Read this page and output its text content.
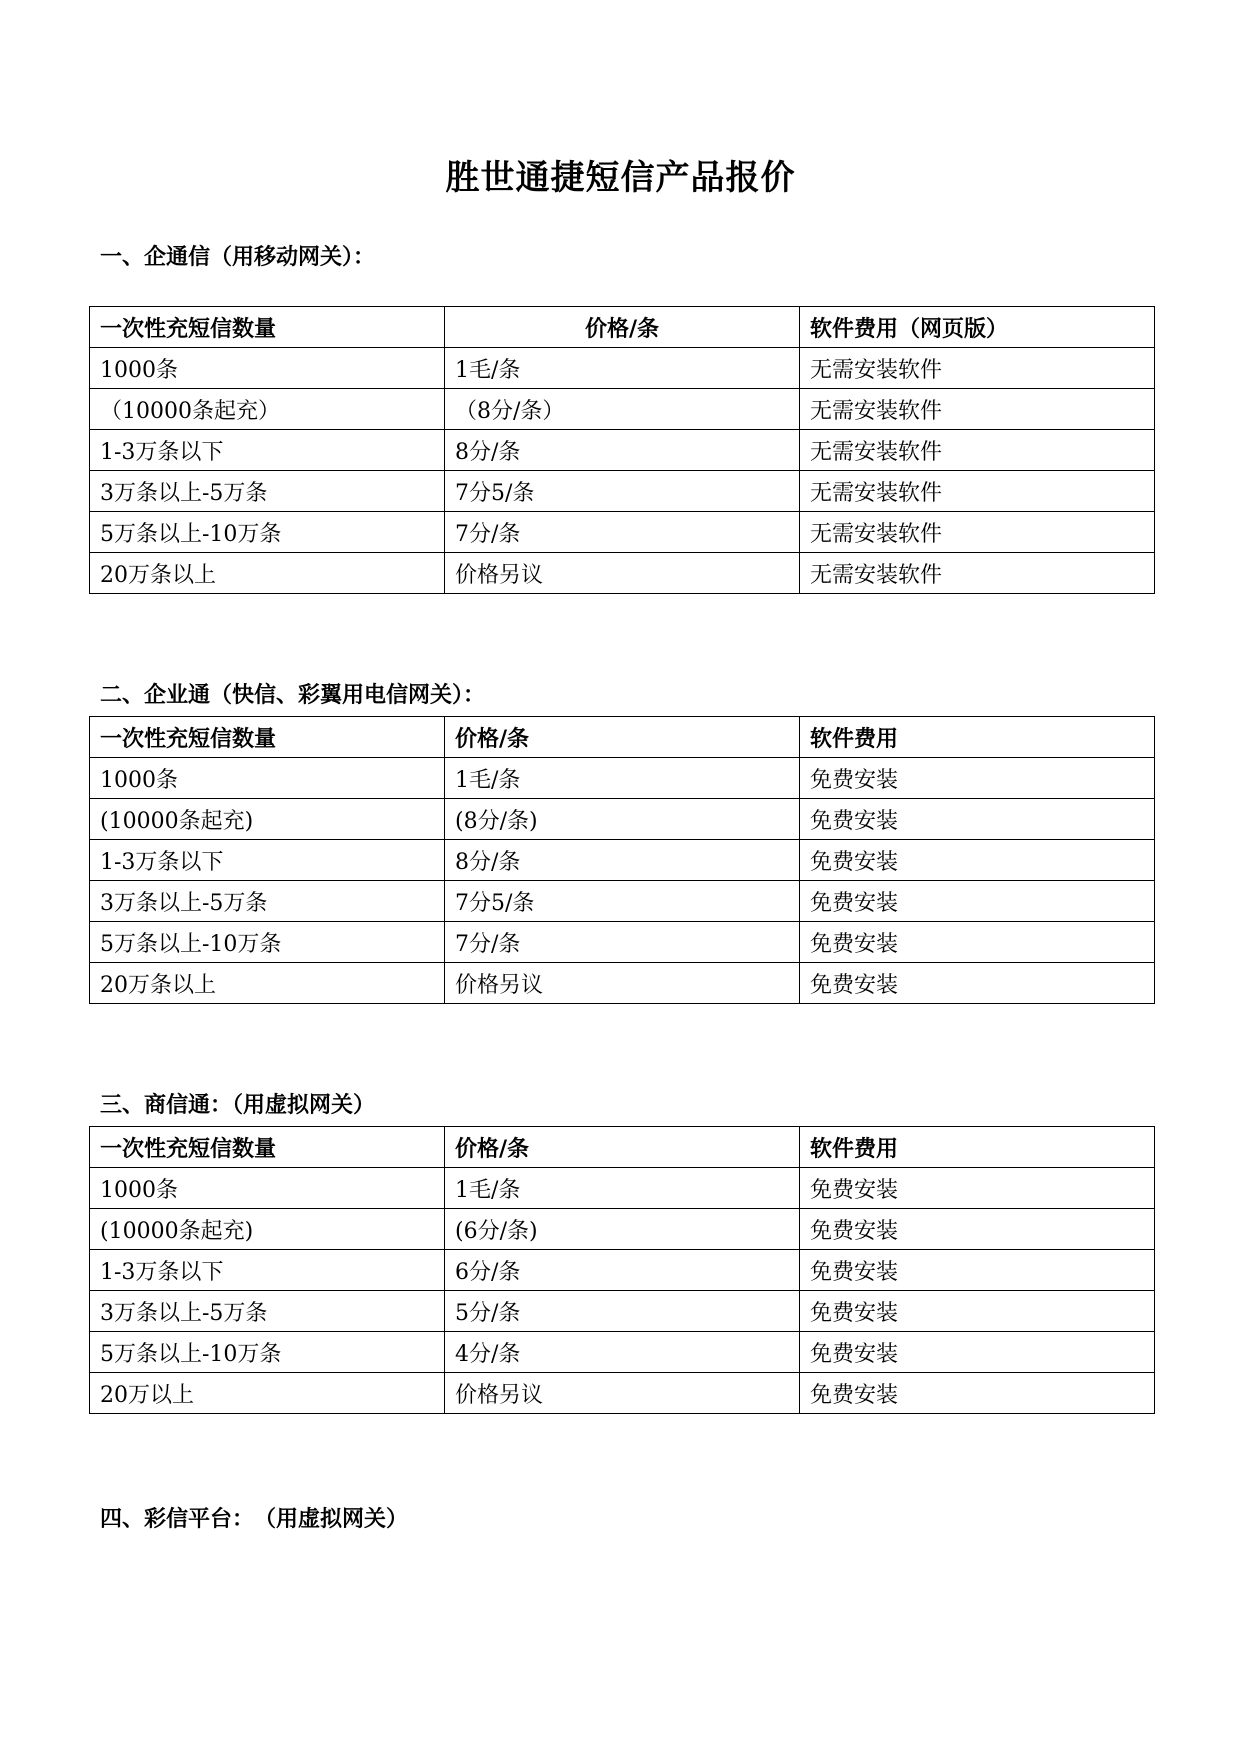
胜世通捷短信产品报价
一、企通信（用移动网关）：
一次性充短信数量	价格/条	软件费用（网页版）
1000条	1毛/条	无需安装软件
（10000条起充）	（8分/条）	无需安装软件
1-3万条以下	8分/条	无需安装软件
3万条以上-5万条	7分5/条	无需安装软件
5万条以上-10万条	7分/条	无需安装软件
20万条以上	价格另议	无需安装软件
二、企业通（快信、彩翼用电信网关）：
一次性充短信数量	价格/条	软件费用
1000条	1毛/条	免费安装
(10000条起充)	(8分/条)	免费安装
1-3万条以下	8分/条	免费安装
3万条以上-5万条	7分5/条	免费安装
5万条以上-10万条	7分/条	免费安装
20万条以上	价格另议	免费安装
三、商信通：（用虚拟网关）
一次性充短信数量	价格/条	软件费用
1000条	1毛/条	免费安装
(10000条起充)	(6分/条)	免费安装
1-3万条以下	6分/条	免费安装
3万条以上-5万条	5分/条	免费安装
5万条以上-10万条	4分/条	免费安装
20万以上	价格另议	免费安装
四、彩信平台：　（用虚拟网关）
